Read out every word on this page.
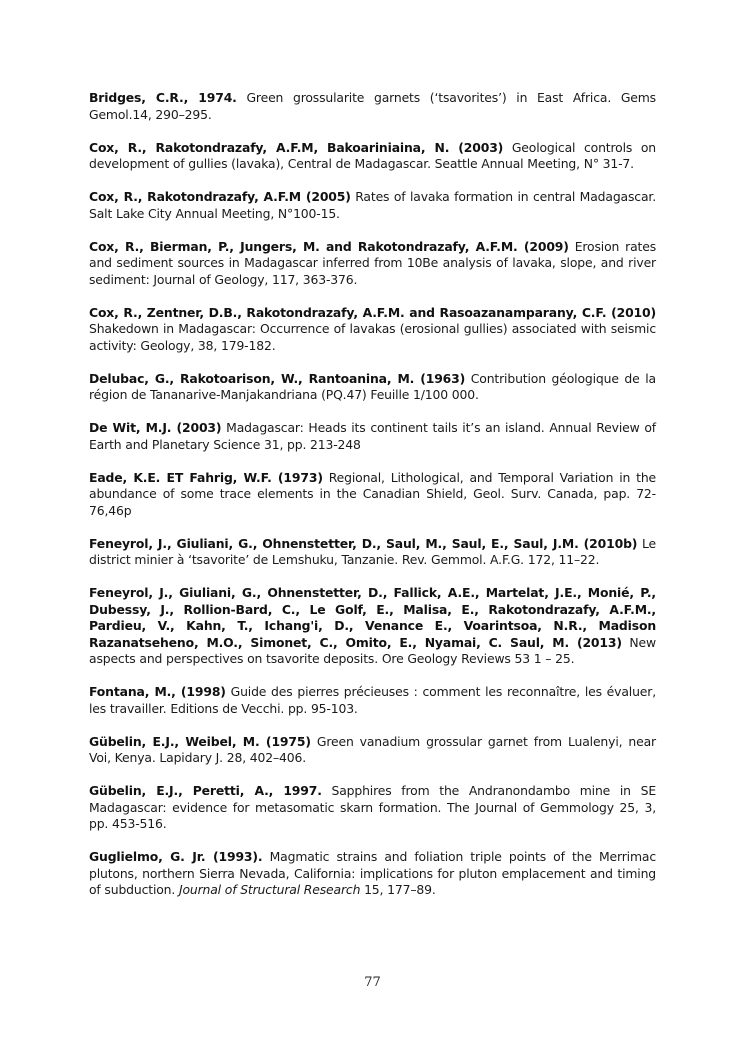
Bridges, C.R., 1974. Green grossularite garnets (‘tsavorites’) in East Africa. Gems Gemol.14, 290–295.

Cox, R., Rakotondrazafy, A.F.M, Bakoariniaina, N. (2003) Geological controls on development of gullies (lavaka), Central de Madagascar. Seattle Annual Meeting, N° 31-7.

Cox, R., Rakotondrazafy, A.F.M (2005) Rates of lavaka formation in central Madagascar. Salt Lake City Annual Meeting, N°100-15.

Cox, R., Bierman, P., Jungers, M. and Rakotondrazafy, A.F.M. (2009) Erosion rates and sediment sources in Madagascar inferred from 10Be analysis of lavaka, slope, and river sediment: Journal of Geology, 117, 363-376.

Cox, R., Zentner, D.B., Rakotondrazafy, A.F.M. and Rasoazanamparany, C.F. (2010) Shakedown in Madagascar: Occurrence of lavakas (erosional gullies) associated with seismic activity: Geology, 38, 179-182.

Delubac, G., Rakotoarison, W., Rantoanina, M. (1963) Contribution géologique de la région de Tananarive-Manjakandriana (PQ.47) Feuille 1/100 000.

De Wit, M.J. (2003) Madagascar: Heads its continent tails it’s an island. Annual Review of Earth and Planetary Science 31, pp. 213-248

Eade, K.E. ET Fahrig, W.F. (1973) Regional, Lithological, and Temporal Variation in the abundance of some trace elements in the Canadian Shield, Geol. Surv. Canada, pap. 72-76,46p

Feneyrol, J., Giuliani, G., Ohnenstetter, D., Saul, M., Saul, E., Saul, J.M. (2010b) Le district minier à ‘tsavorite’ de Lemshuku, Tanzanie. Rev. Gemmol. A.F.G. 172, 11–22.

Feneyrol, J., Giuliani, G., Ohnenstetter, D., Fallick, A.E., Martelat, J.E., Monié, P., Dubessy, J., Rollion-Bard, C., Le Golf, E., Malisa, E., Rakotondrazafy, A.F.M., Pardieu, V., Kahn, T., Ichang'i, D., Venance E., Voarintsoa, N.R., Madison Razanatseheno, M.O., Simonet, C., Omito, E., Nyamai, C. Saul, M. (2013) New aspects and perspectives on tsavorite deposits. Ore Geology Reviews 53 1 – 25.

Fontana, M., (1998) Guide des pierres précieuses : comment les reconnaître, les évaluer, les travailler. Editions de Vecchi. pp. 95-103.

Gübelin, E.J., Weibel, M. (1975) Green vanadium grossular garnet from Lualenyi, near Voi, Kenya. Lapidary J. 28, 402–406.

Gübelin, E.J., Peretti, A., 1997. Sapphires from the Andranondambo mine in SE Madagascar: evidence for metasomatic skarn formation. The Journal of Gemmology 25, 3, pp. 453-516.

Guglielmo, G. Jr. (1993). Magmatic strains and foliation triple points of the Merrimac plutons, northern Sierra Nevada, California: implications for pluton emplacement and timing of subduction. Journal of Structural Research 15, 177–89.

77
